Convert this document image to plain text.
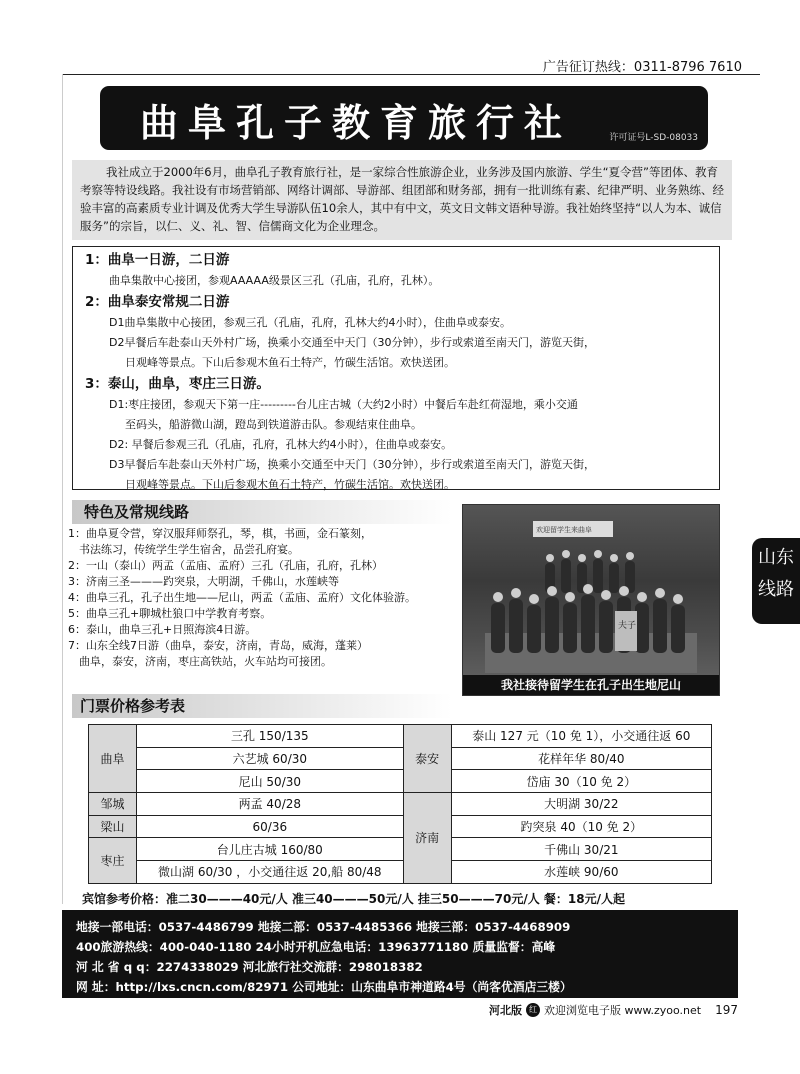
广告征订热线：0311-8796 7610
曲阜孔子教育旅行社	许可证号L-SD-08033
我社成立于2000年6月，曲阜孔子教育旅行社，是一家综合性旅游企业，业务涉及国内旅游、学生“夏令营”等团体、教育考察等特设线路。我社设有市场营销部、网络计调部、导游部、组团部和财务部，拥有一批训练有素、纪律严明、业务熟练、经验丰富的高素质专业计调及优秀大学生导游队伍10余人，其中有中文，英文日文韩文语种导游。我社始终坚持“以人为本、诚信服务”的宗旨，以仁、义、礼、智、信儒商文化为企业理念。
1：曲阜一日游，二日游
曲阜集散中心接团，参观AAAAA级景区三孔（孔庙，孔府，孔林）。
2：曲阜泰安常规二日游
D1曲阜集散中心接团，参观三孔（孔庙，孔府，孔林大约4小时），住曲阜或泰安。
D2早餐后车赴泰山天外村广场，换乘小交通至中天门（30分钟），步行或索道至南天门，游览天街，
日观峰等景点。下山后参观木鱼石土特产，竹碳生活馆。欢快送团。
3：泰山，曲阜，枣庄三日游。
D1:枣庄接团，参观天下第一庄---------台儿庄古城（大约2小时）中餐后车赴红荷湿地，乘小交通
至码头，船游微山湖，蹬岛到铁道游击队。参观结束住曲阜。
D2: 早餐后参观三孔（孔庙，孔府，孔林大约4小时），住曲阜或泰安。
D3早餐后车赴泰山天外村广场，换乘小交通至中天门（30分钟），步行或索道至南天门，游览天街，
日观峰等景点。下山后参观木鱼石土特产，竹碳生活馆。欢快送团。
特色及常规线路
1：曲阜夏令营，穿汉服拜师祭孔，琴，棋，书画，金石篆刻，
　书法练习，传统学生学生宿舍，品尝孔府宴。
2：一山（泰山）两孟（孟庙、孟府）三孔（孔庙，孔府，孔林）
3：济南三圣———趵突泉，大明湖，千佛山，水莲峡等
4：曲阜三孔，孔子出生地——尼山，两孟（孟庙、孟府）文化体验游。
5：曲阜三孔+聊城杜狼口中学教育考察。
6：泰山，曲阜三孔+日照海滨4日游。
7：山东全线7日游（曲阜，泰安，济南，青岛，威海，蓬莱）
　曲阜，泰安，济南，枣庄高铁站，火车站均可接团。
夫子
欢迎留学生来曲阜
我社接待留学生在孔子出生地尼山
山东
线路
门票价格参考表
曲阜	三孔 150/135	泰安	泰山 127 元（10 免 1），小交通往返 60
	六艺城 60/30		花样年华 80/40
	尼山 50/30		岱庙 30（10 免 2）
邹城	两孟 40/28	济南	大明湖 30/22
梁山	60/36		趵突泉 40（10 免 2）
枣庄	台儿庄古城 160/80		千佛山 30/21
	微山湖 60/30 ，小交通往返 20,船 80/48		水莲峡 90/60
宾馆参考价格：准二30———40元/人 准三40———50元/人 挂三50———70元/人 餐：18元/人起
地接一部电话：0537-4486799 地接二部：0537-4485366 地接三部：0537-4468909
400旅游热线：400-040-1180 24小时开机应急电话：13963771180 质量监督：高峰
河 北 省 q q：2274338029 河北旅行社交流群：298018382
网 址：http://lxs.cncn.com/82971 公司地址：山东曲阜市神道路4号（尚客优酒店三楼）
河北版 红 欢迎浏览电子版 www.zyoo.net 197
